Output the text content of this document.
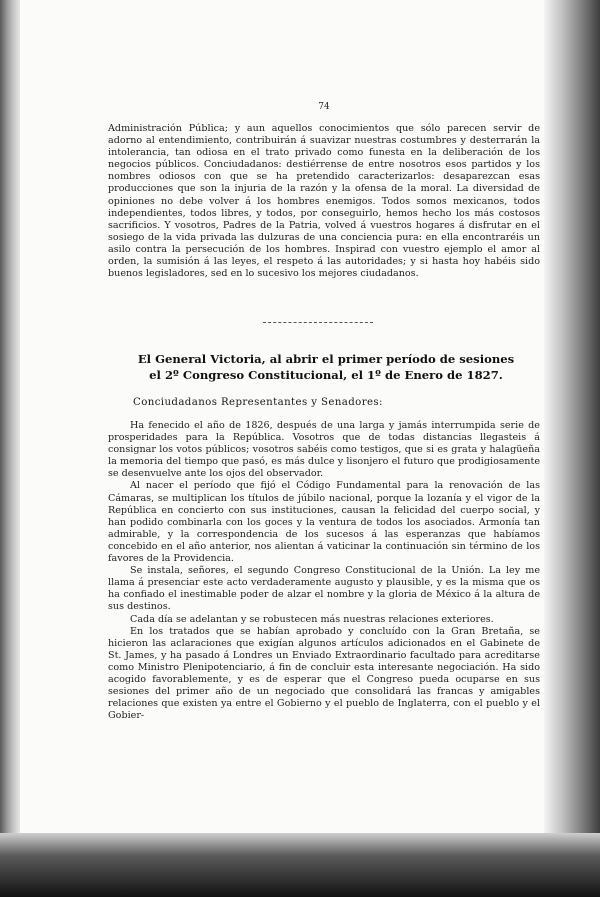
74

Administración Pública; y aun aquellos conocimientos que sólo parecen servir de adorno al entendimiento, contribuirán á suavizar nuestras costumbres y desterrarán la intolerancia, tan odiosa en el trato privado como funesta en la deliberación de los negocios públicos. Conciudadanos: destiérrense de entre nosotros esos partidos y los nombres odiosos con que se ha pretendido caracterizarlos: desaparezcan esas producciones que son la injuria de la razón y la ofensa de la moral. La diversidad de opiniones no debe volver á los hombres enemigos. Todos somos mexicanos, todos independientes, todos libres, y todos, por conseguirlo, hemos hecho los más costosos sacrificios. Y vosotros, Padres de la Patria, volved á vuestros hogares á disfrutar en el sosiego de la vida privada las dulzuras de una conciencia pura: en ella encontraréis un asilo contra la persecución de los hombres. Inspirad con vuestro ejemplo el amor al orden, la sumisión á las leyes, el respeto á las autoridades; y si hasta hoy habéis sido buenos legisladores, sed en lo sucesivo los mejores ciudadanos.

El General Victoria, al abrir el primer período de sesiones
el 2º Congreso Constitucional, el 1º de Enero de 1827.

Conciudadanos Representantes y Senadores:

Ha fenecido el año de 1826, después de una larga y jamás interrumpida serie de prosperidades para la República. Vosotros que de todas distancias llegasteis á consignar los votos públicos; vosotros sabéis como testigos, que si es grata y halagüeña la memoria del tiempo que pasó, es más dulce y lisonjero el futuro que prodigiosamente se desenvuelve ante los ojos del observador.

Al nacer el período que fijó el Código Fundamental para la renovación de las Cámaras, se multiplican los títulos de júbilo nacional, porque la lozanía y el vigor de la República en concierto con sus instituciones, causan la felicidad del cuerpo social, y han podido combinarla con los goces y la ventura de todos los asociados. Armonía tan admirable, y la correspondencia de los sucesos á las esperanzas que habíamos concebido en el año anterior, nos alientan á vaticinar la continuación sin término de los favores de la Providencia.

Se instala, señores, el segundo Congreso Constitucional de la Unión. La ley me llama á presenciar este acto verdaderamente augusto y plausible, y es la misma que os ha confiado el inestimable poder de alzar el nombre y la gloria de México á la altura de sus destinos.

Cada día se adelantan y se robustecen más nuestras relaciones exteriores.

En los tratados que se habían aprobado y concluído con la Gran Bretaña, se hicieron las aclaraciones que exigían algunos artículos adicionados en el Gabinete de St. James, y ha pasado á Londres un Enviado Extraordinario facultado para acreditarse como Ministro Plenipotenciario, á fin de concluir esta interesante negociación. Ha sido acogido favorablemente, y es de esperar que el Congreso pueda ocuparse en sus sesiones del primer año de un negociado que consolidará las francas y amigables relaciones que existen ya entre el Gobierno y el pueblo de Inglaterra, con el pueblo y el Gobier-
